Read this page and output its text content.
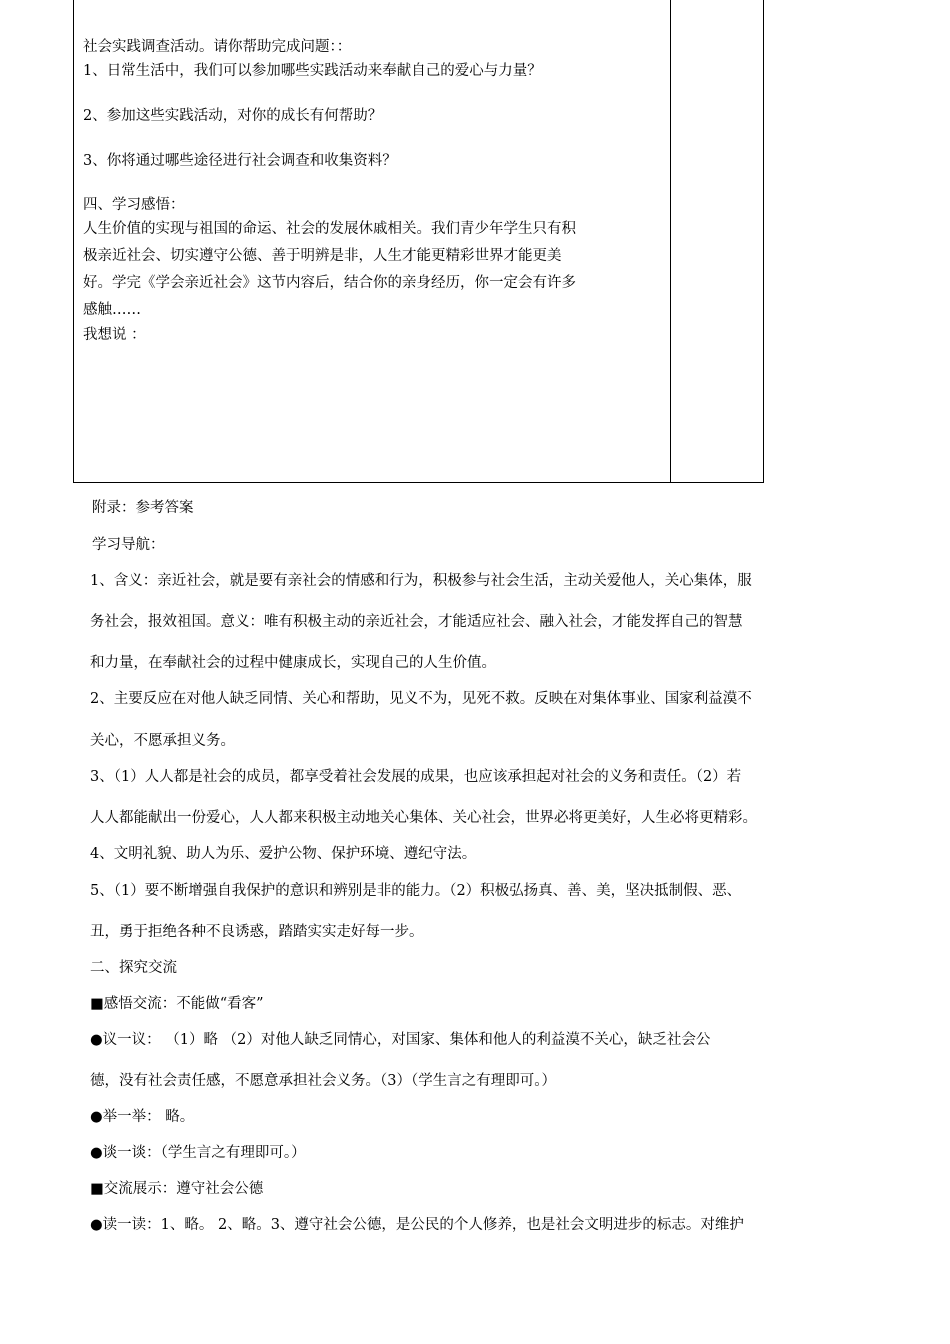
社会实践调查活动。请你帮助完成问题：：
1、日常生活中，我们可以参加哪些实践活动来奉献自己的爱心与力量？
2、参加这些实践活动，对你的成长有何帮助？
3、你将通过哪些途径进行社会调查和收集资料？
四、学习感悟：
人生价值的实现与祖国的命运、社会的发展休戚相关。我们青少年学生只有积
极亲近社会、切实遵守公德、善于明辨是非，人生才能更精彩世界才能更美
好。学完《学会亲近社会》这节内容后，结合你的亲身经历，你一定会有许多
感触……
我想说 ：
附录：参考答案
学习导航：
1、含义：亲近社会，就是要有亲社会的情感和行为，积极参与社会生活，主动关爱他人，关心集体，服
务社会，报效祖国。意义：唯有积极主动的亲近社会，才能适应社会、融入社会，才能发挥自己的智慧
和力量，在奉献社会的过程中健康成长，实现自己的人生价值。
2、主要反应在对他人缺乏同情、关心和帮助，见义不为，见死不救。反映在对集体事业、国家利益漠不
关心，不愿承担义务。
3、（1）人人都是社会的成员，都享受着社会发展的成果，也应该承担起对社会的义务和责任。（2）若
人人都能献出一份爱心，人人都来积极主动地关心集体、关心社会，世界必将更美好，人生必将更精彩。
4、文明礼貌、助人为乐、爱护公物、保护环境、遵纪守法。
5、（1）要不断增强自我保护的意识和辨别是非的能力。（2）积极弘扬真、善、美，坚决抵制假、恶、
丑，勇于拒绝各种不良诱惑，踏踏实实走好每一步。
二、探究交流
■感悟交流：不能做“看客”
●议一议： （1）略 （2）对他人缺乏同情心，对国家、集体和他人的利益漠不关心，缺乏社会公
德，没有社会责任感，不愿意承担社会义务。（3）（学生言之有理即可。）
●举一举： 略。
●谈一谈：（学生言之有理即可。）
■交流展示：遵守社会公德
●读一读：1、略。 2、略。3、遵守社会公德，是公民的个人修养，也是社会文明进步的标志。对维护
